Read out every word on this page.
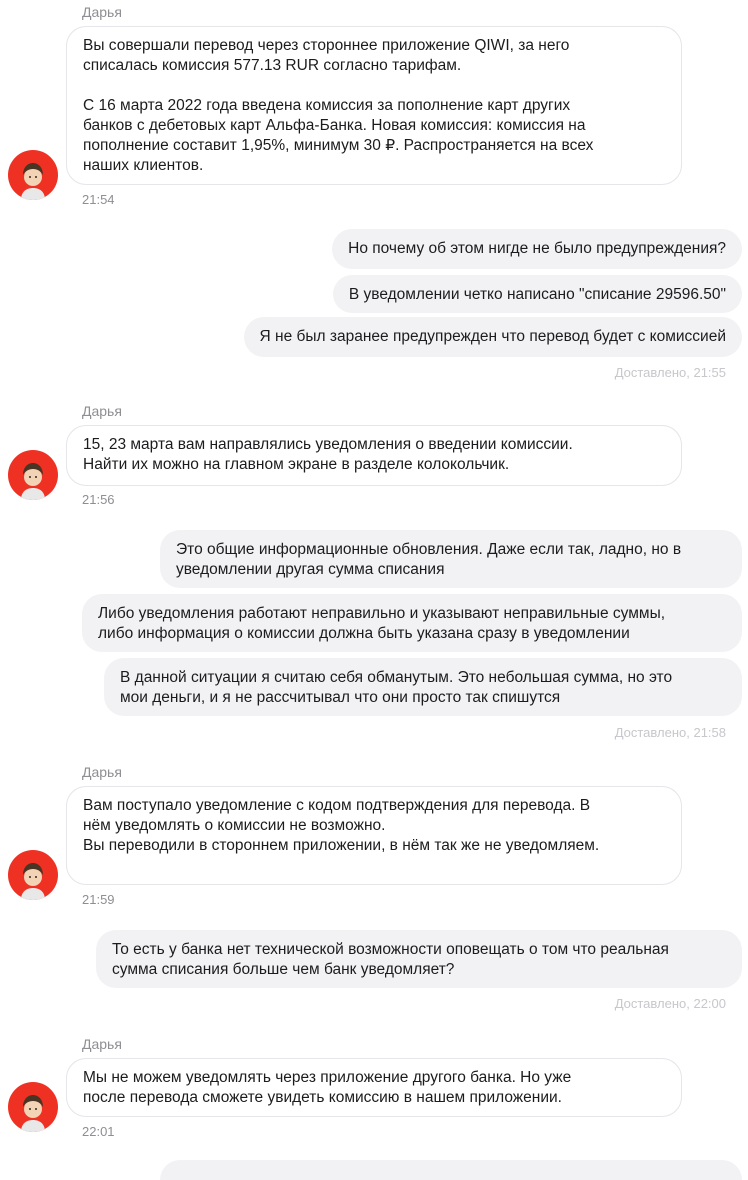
Дарья
Вы совершали перевод через стороннее приложение QIWI, за него
списалась комиссия 577.13 RUR согласно тарифам.
С 16 марта 2022 года введена комиссия за пополнение карт других
банков с дебетовых карт Альфа-Банка. Новая комиссия: комиссия на
пополнение составит 1,95%, минимум 30 ₽. Распространяется на всех
наших клиентов.
21:54
Но почему об этом нигде не было предупреждения?
В уведомлении четко написано "списание 29596.50"
Я не был заранее предупрежден что перевод будет с комиссией
Доставлено, 21:55
Дарья
15, 23 марта вам направлялись уведомления о введении комиссии.
Найти их можно на главном экране в разделе колокольчик.
21:56
Это общие информационные обновления. Даже если так, ладно, но в
уведомлении другая сумма списания
Либо уведомления работают неправильно и указывают неправильные суммы,
либо информация о комиссии должна быть указана сразу в уведомлении
В данной ситуации я считаю себя обманутым. Это небольшая сумма, но это
мои деньги, и я не рассчитывал что они просто так спишутся
Доставлено, 21:58
Дарья
Вам поступало уведомление с кодом подтверждения для перевода. В
нём уведомлять о комиссии не возможно.
Вы переводили в стороннем приложении, в нём так же не уведомляем.
21:59
То есть у банка нет технической возможности оповещать о том что реальная
сумма списания больше чем банк уведомляет?
Доставлено, 22:00
Дарья
Мы не можем уведомлять через приложение другого банка. Но уже
после перевода сможете увидеть комиссию в нашем приложении.
22:01
